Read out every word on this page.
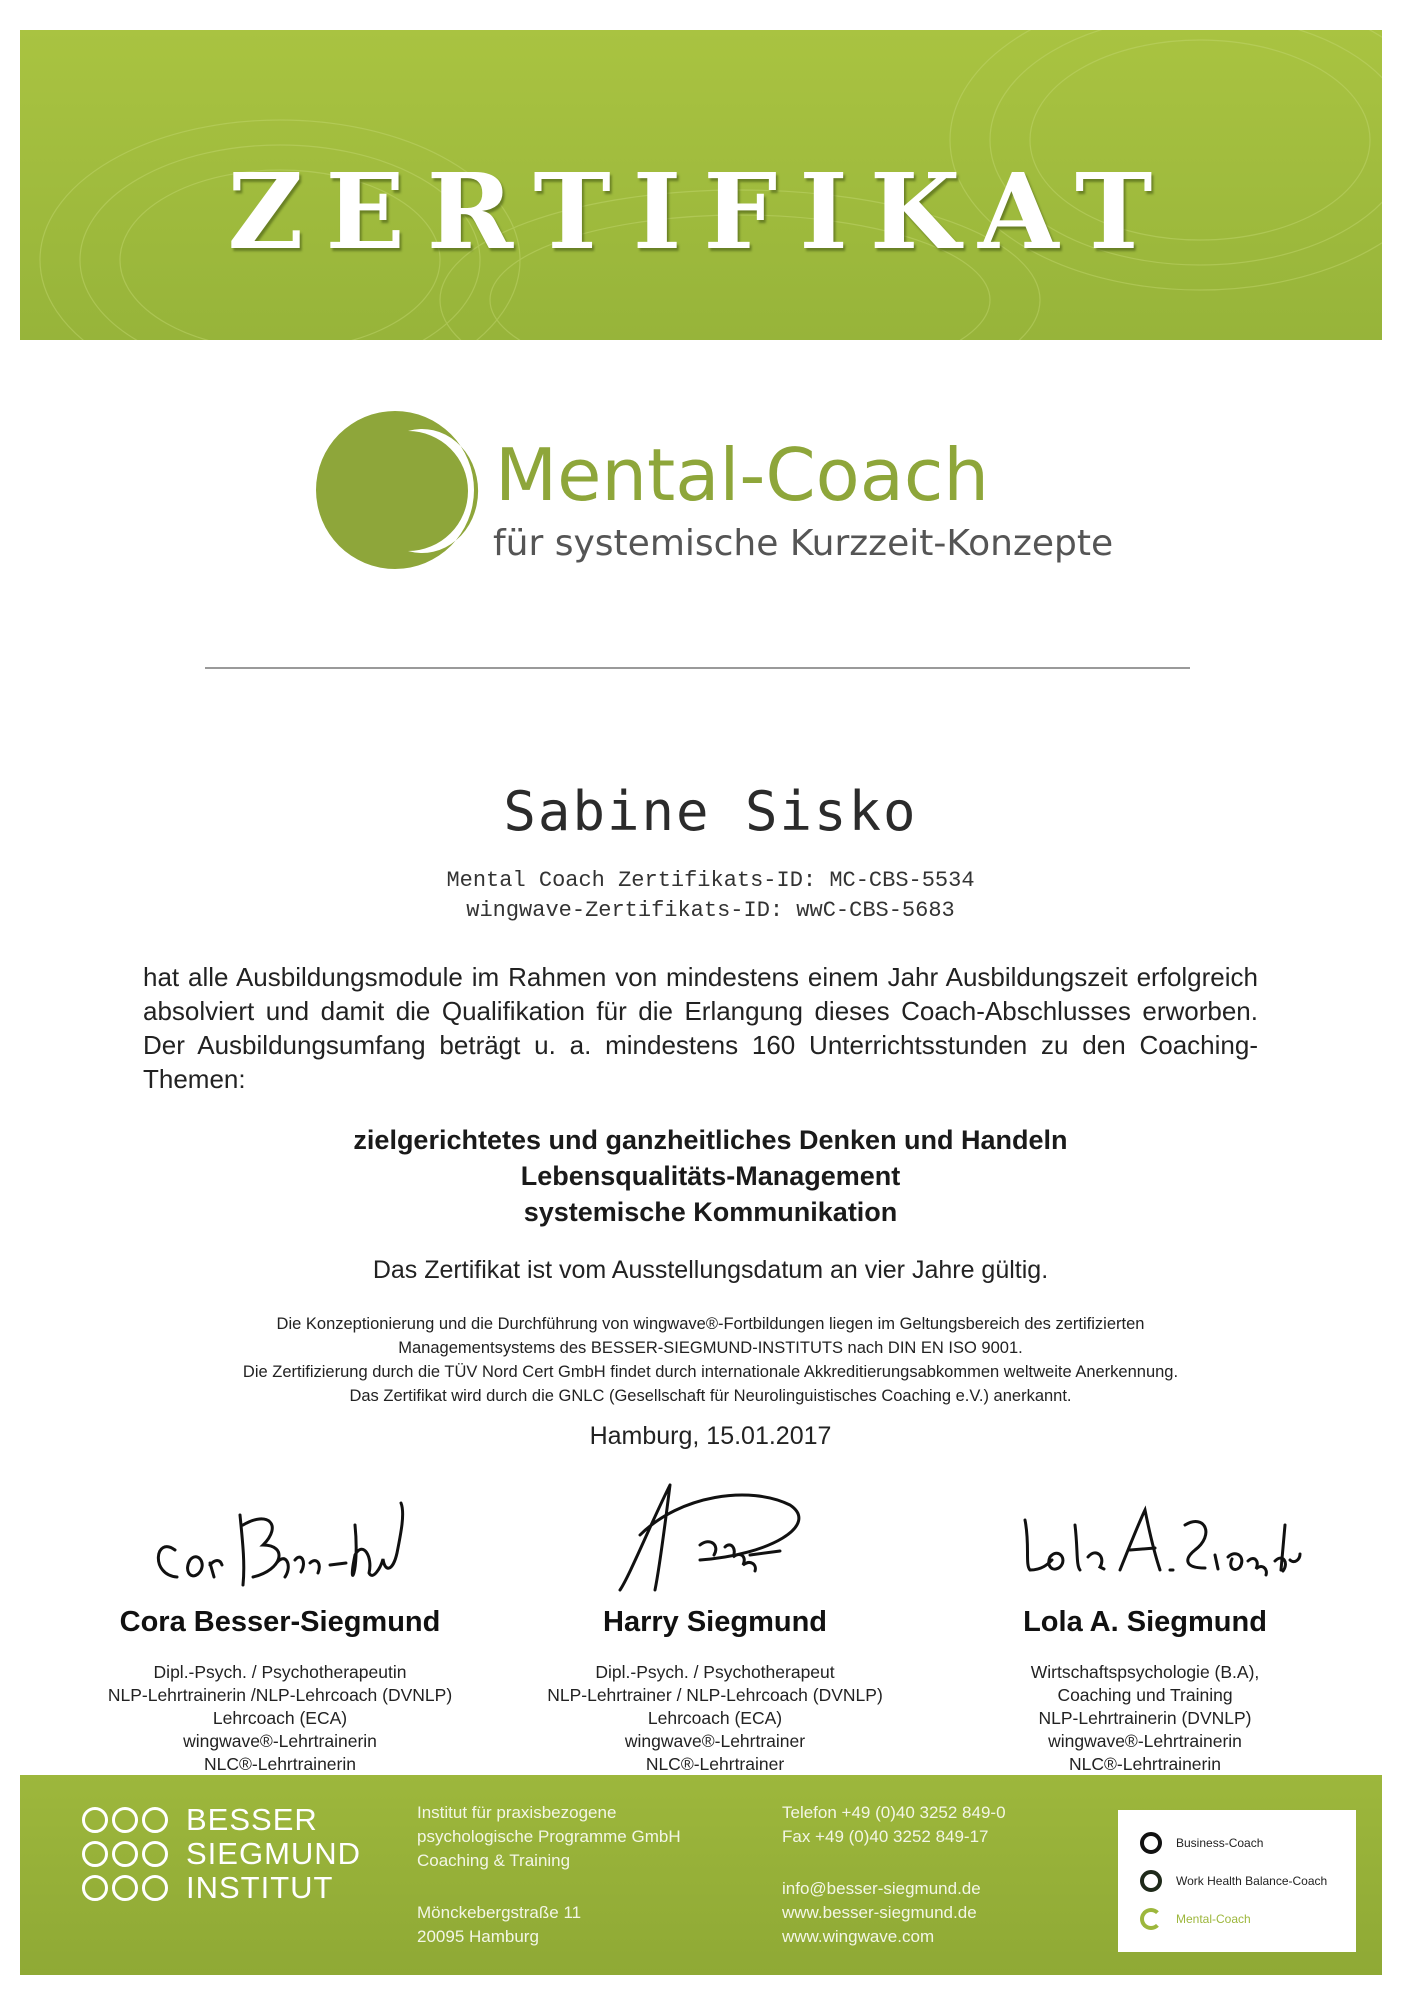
ZERTIFIKAT
Mental-Coach
für systemische Kurzzeit-Konzepte
Sabine Sisko
Mental Coach Zertifikats-ID: MC-CBS-5534
wingwave-Zertifikats-ID: wwC-CBS-5683
hat alle Ausbildungsmodule im Rahmen von mindestens einem Jahr Ausbildungszeit erfolgreich absolviert und damit die Qualifikation für die Erlangung dieses Coach-Abschlusses erworben. Der Ausbildungsumfang beträgt u. a. mindestens 160 Unterrichtsstunden zu den Coaching-Themen:
zielgerichtetes und ganzheitliches Denken und Handeln
Lebensqualitäts-Management
systemische Kommunikation
Das Zertifikat ist vom Ausstellungsdatum an vier Jahre gültig.
Die Konzeptionierung und die Durchführung von wingwave®-Fortbildungen liegen im Geltungsbereich des zertifizierten
Managementsystems des BESSER-SIEGMUND-INSTITUTS nach DIN EN ISO 9001.
Die Zertifizierung durch die TÜV Nord Cert GmbH findet durch internationale Akkreditierungsabkommen weltweite Anerkennung.
Das Zertifikat wird durch die GNLC (Gesellschaft für Neurolinguistisches Coaching e.V.) anerkannt.
Hamburg, 15.01.2017
Cora Besser-Siegmund
Dipl.-Psych. / Psychotherapeutin
NLP-Lehrtrainerin /NLP-Lehrcoach (DVNLP)
Lehrcoach (ECA)
wingwave®-Lehrtrainerin
NLC®-Lehrtrainerin
Harry Siegmund
Dipl.-Psych. / Psychotherapeut
NLP-Lehrtrainer / NLP-Lehrcoach (DVNLP)
Lehrcoach (ECA)
wingwave®-Lehrtrainer
NLC®-Lehrtrainer
Lola A. Siegmund
Wirtschaftspsychologie (B.A),
Coaching und Training
NLP-Lehrtrainerin (DVNLP)
wingwave®-Lehrtrainerin
NLC®-Lehrtrainerin
BESSER
SIEGMUND
INSTITUT
Institut für praxisbezogene
psychologische Programme GmbH
Coaching & Training
Mönckebergstraße 11
20095 Hamburg
Telefon +49 (0)40 3252 849-0
Fax +49 (0)40 3252 849-17
info@besser-siegmund.de
www.besser-siegmund.de
www.wingwave.com
Business-Coach
Work Health Balance-Coach
Mental-Coach
